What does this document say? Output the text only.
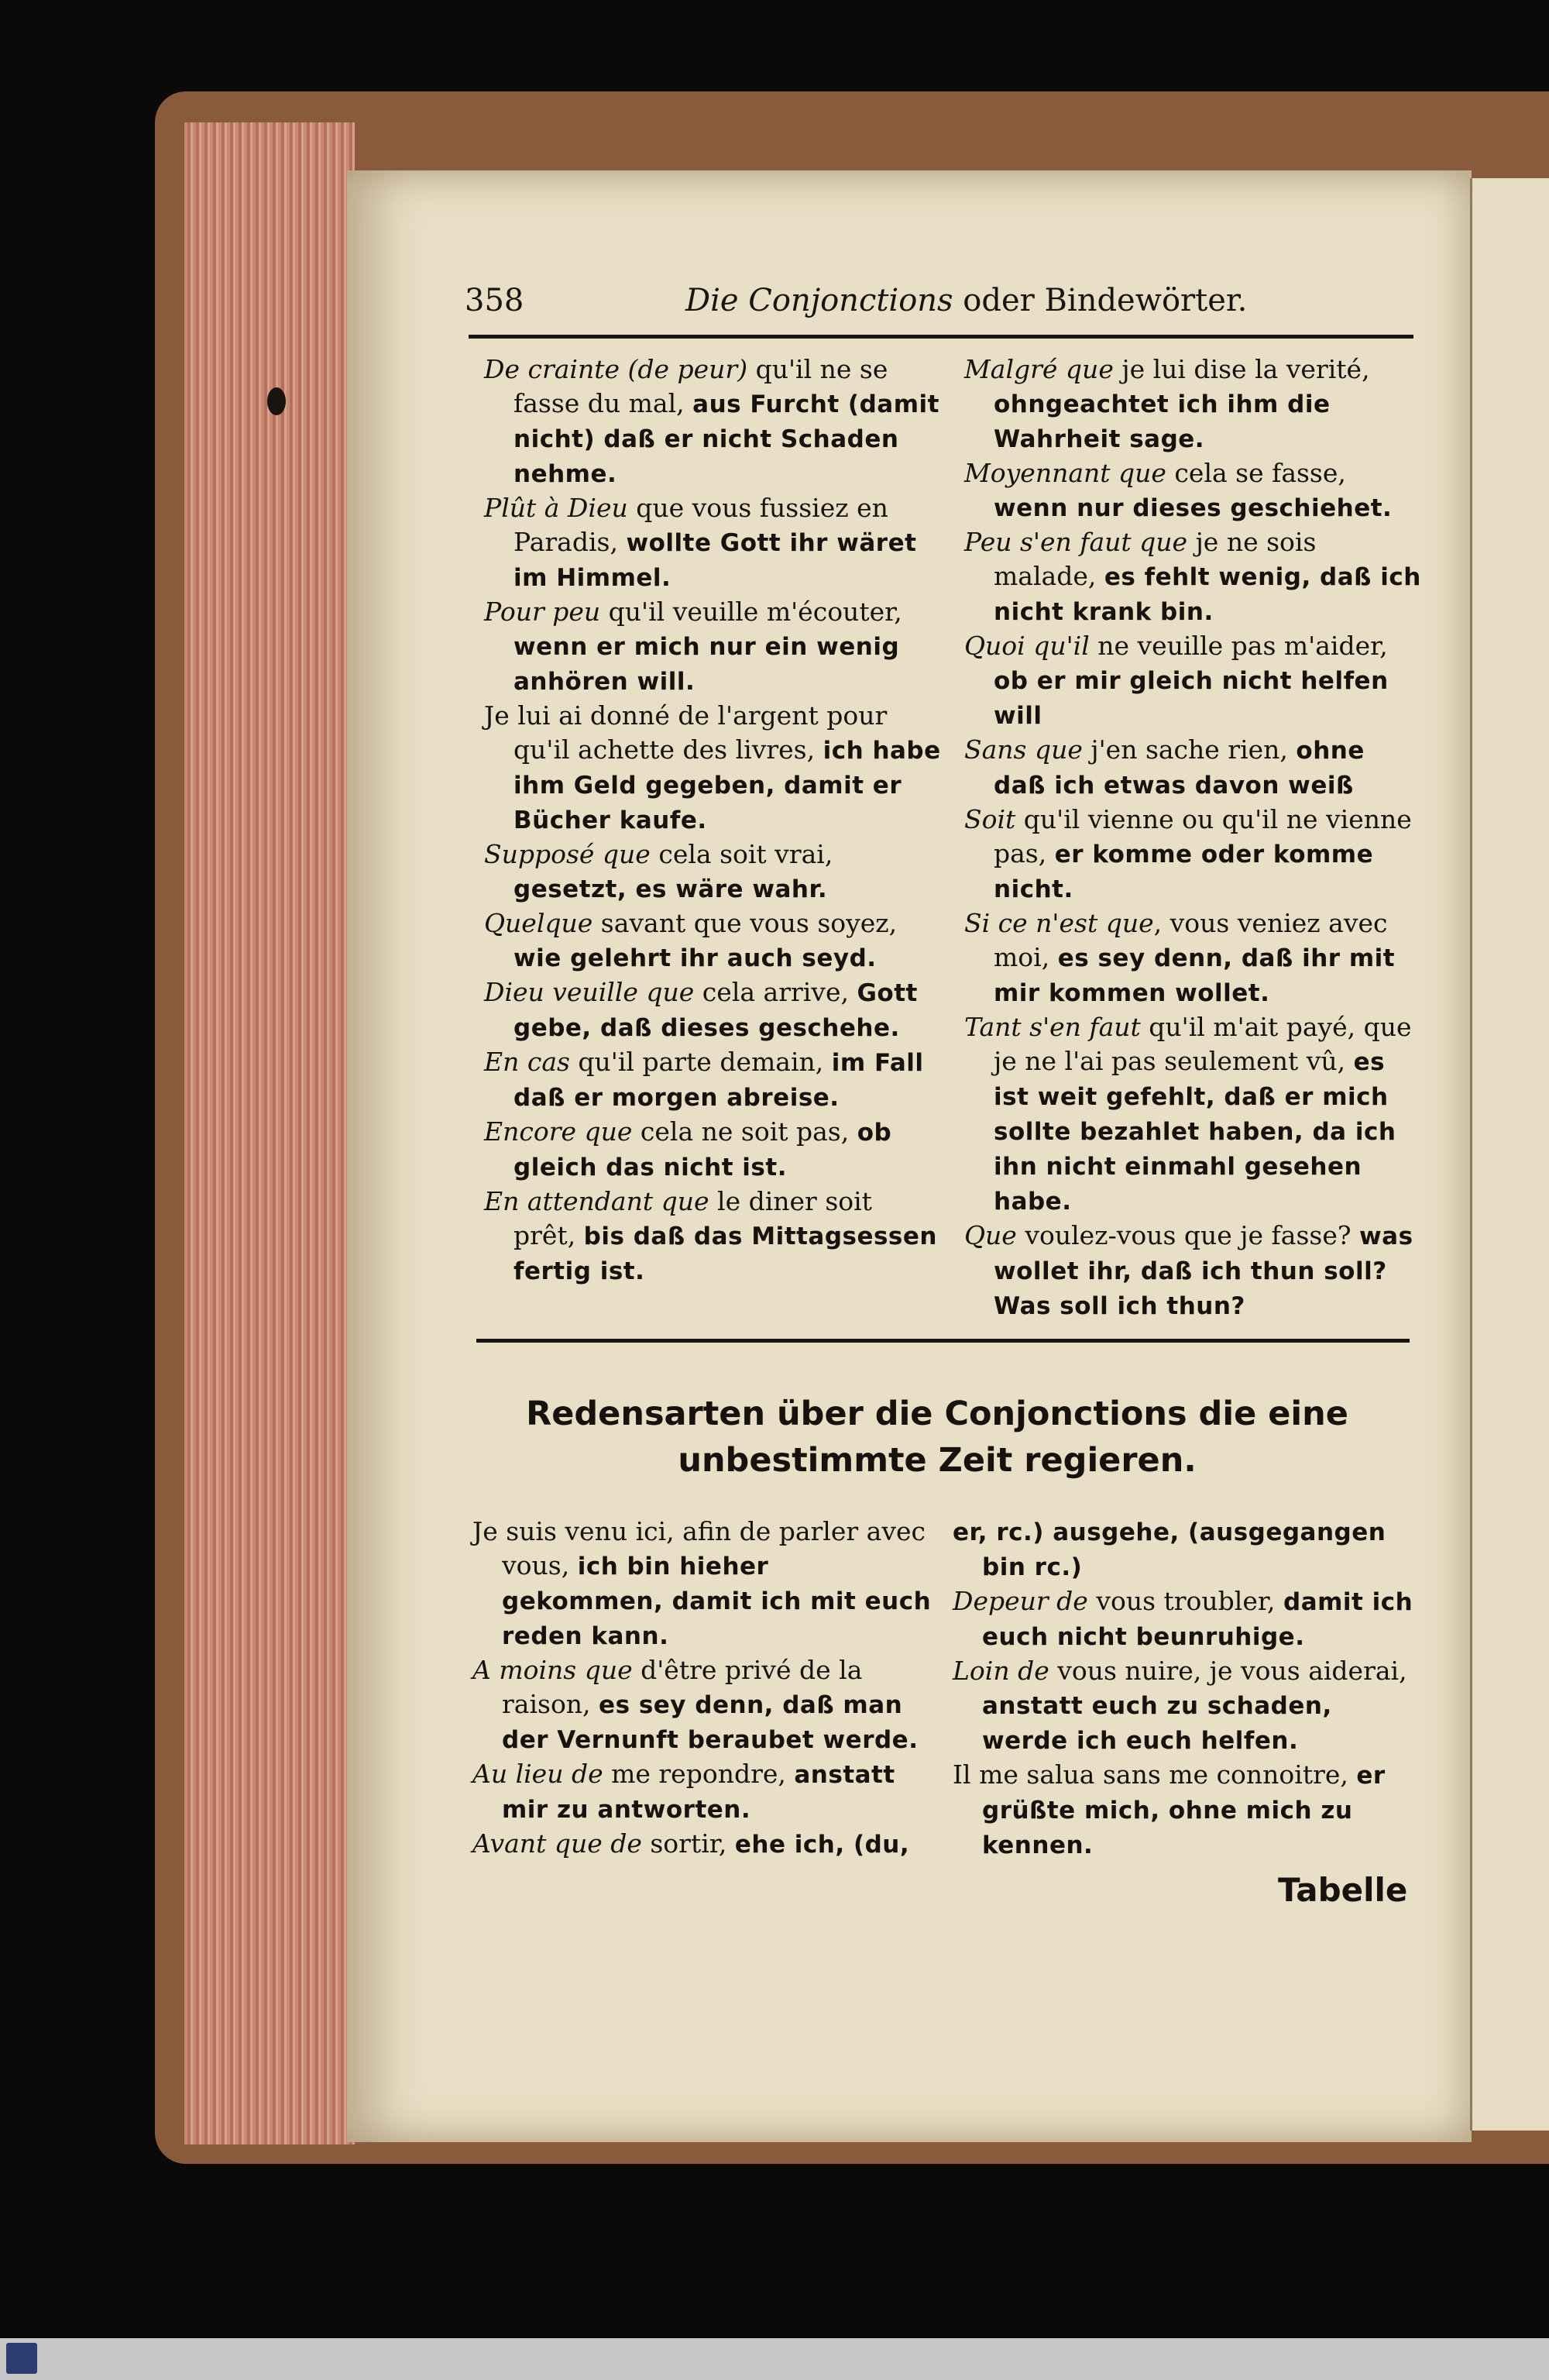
358	Die Conjonctions oder Bindewörter.
De crainte (de peur) qu'il ne se fasse du mal, aus Furcht (damit nicht) daß er nicht Schaden nehme.
Plût à Dieu que vous fussiez en Paradis, wollte Gott ihr wäret im Himmel.
Pour peu qu'il veuille m'écouter, wenn er mich nur ein wenig anhören will.
Je lui ai donné de l'argent pour qu'il achette des livres, ich habe ihm Geld gegeben, damit er Bücher kaufe.
Supposé que cela soit vrai, gesetzt, es wäre wahr.
Quelque savant que vous soyez, wie gelehrt ihr auch seyd.
Dieu veuille que cela arrive, Gott gebe, daß dieses geschehe.
En cas qu'il parte demain, im Fall daß er morgen abreise.
Encore que cela ne soit pas, ob gleich das nicht ist.
En attendant que le diner soit prêt, bis daß das Mittagsessen fertig ist.
Malgré que je lui dise la verité, ohngeachtet ich ihm die Wahrheit sage.
Moyennant que cela se fasse, wenn nur dieses geschiehet.
Peu s'en faut que je ne sois malade, es fehlt wenig, daß ich nicht krank bin.
Quoi qu'il ne veuille pas m'aider, ob er mir gleich nicht helfen will
Sans que j'en sache rien, ohne daß ich etwas davon weiß
Soit qu'il vienne ou qu'il ne vienne pas, er komme oder komme nicht.
Si ce n'est que, vous veniez avec moi, es sey denn, daß ihr mit mir kommen wollet.
Tant s'en faut qu'il m'ait payé, que je ne l'ai pas seulement vû, es ist weit gefehlt, daß er mich sollte bezahlet haben, da ich ihn nicht einmahl gesehen habe.
Que voulez-vous que je fasse? was wollet ihr, daß ich thun soll? Was soll ich thun?
Redensarten über die Conjonctions die eine unbestimmte Zeit regieren.
Je suis venu ici, afin de parler avec vous, ich bin hieher gekommen, damit ich mit euch reden kann.
A moins que d'être privé de la raison, es sey denn, daß man der Vernunft beraubet werde.
Au lieu de me repondre, anstatt mir zu antworten.
Avant que de sortir, ehe ich, (du,
er, rc.) ausgehe, (ausgegangen bin rc.)
Depeur de vous troubler, damit ich euch nicht beunruhige.
Loin de vous nuire, je vous aiderai, anstatt euch zu schaden, werde ich euch helfen.
Il me salua sans me connoitre, er grüßte mich, ohne mich zu kennen.
Tabelle
